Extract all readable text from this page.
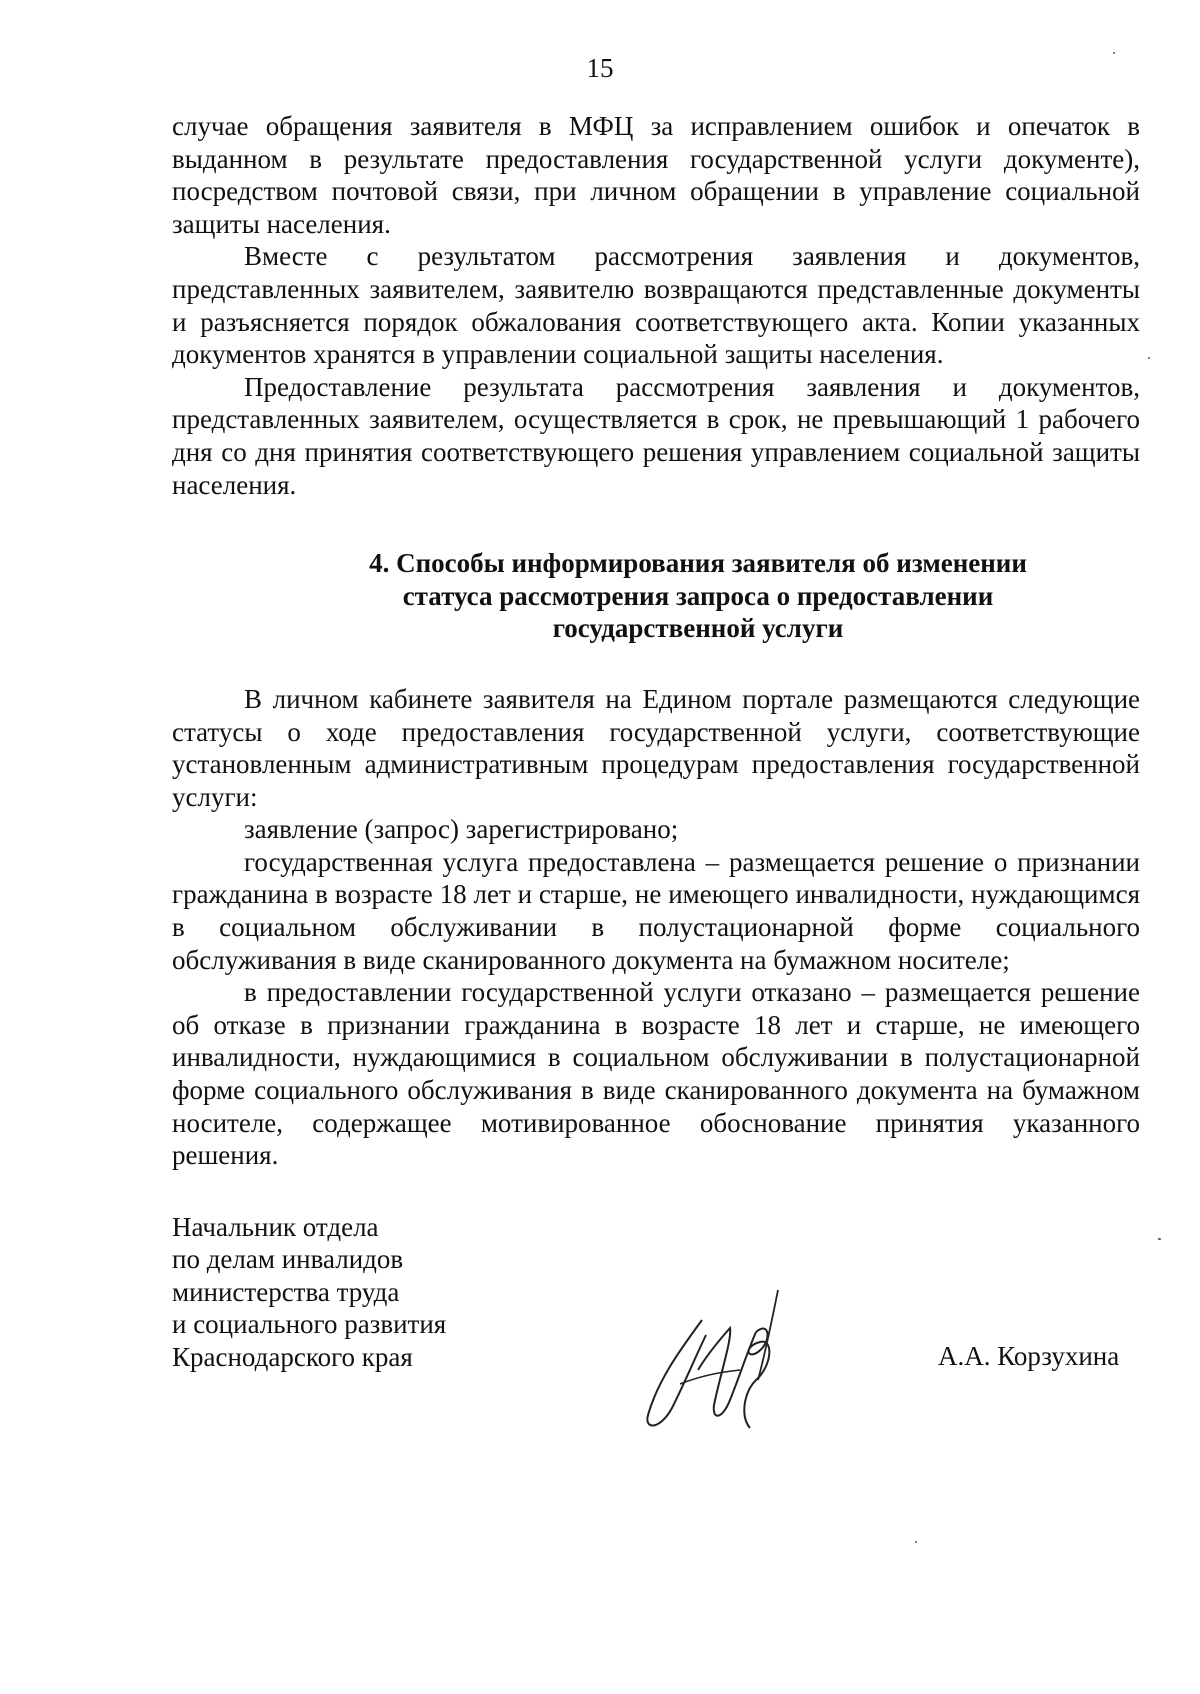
15

случае обращения заявителя в МФЦ за исправлением ошибок и опечаток в выданном в результате предоставления государственной услуги документе), посредством почтовой связи, при личном обращении в управление социальной защиты населения.

Вместе с результатом рассмотрения заявления и документов, представленных заявителем, заявителю возвращаются представленные документы и разъясняется порядок обжалования соответствующего акта. Копии указанных документов хранятся в управлении социальной защиты населения.

Предоставление результата рассмотрения заявления и документов, представленных заявителем, осуществляется в срок, не превышающий 1 рабочего дня со дня принятия соответствующего решения управлением социальной защиты населения.

4. Способы информирования заявителя об изменении
статуса рассмотрения запроса о предоставлении
государственной услуги

В личном кабинете заявителя на Едином портале размещаются следующие статусы о ходе предоставления государственной услуги, соответствующие установленным административным процедурам предоставления государственной услуги:

заявление (запрос) зарегистрировано;

государственная услуга предоставлена – размещается решение о признании гражданина в возрасте 18 лет и старше, не имеющего инвалидности, нуждающимся в социальном обслуживании в полустационарной форме социального обслуживания в виде сканированного документа на бумажном носителе;

в предоставлении государственной услуги отказано – размещается решение об отказе в признании гражданина в возрасте 18 лет и старше, не имеющего инвалидности, нуждающимися в социальном обслуживании в полустационарной форме социального обслуживания в виде сканированного документа на бумажном носителе, содержащее мотивированное обоснование принятия указанного решения.

Начальник отдела
по делам инвалидов
министерства труда
и социального развития
Краснодарского края	А.А. Корзухина
